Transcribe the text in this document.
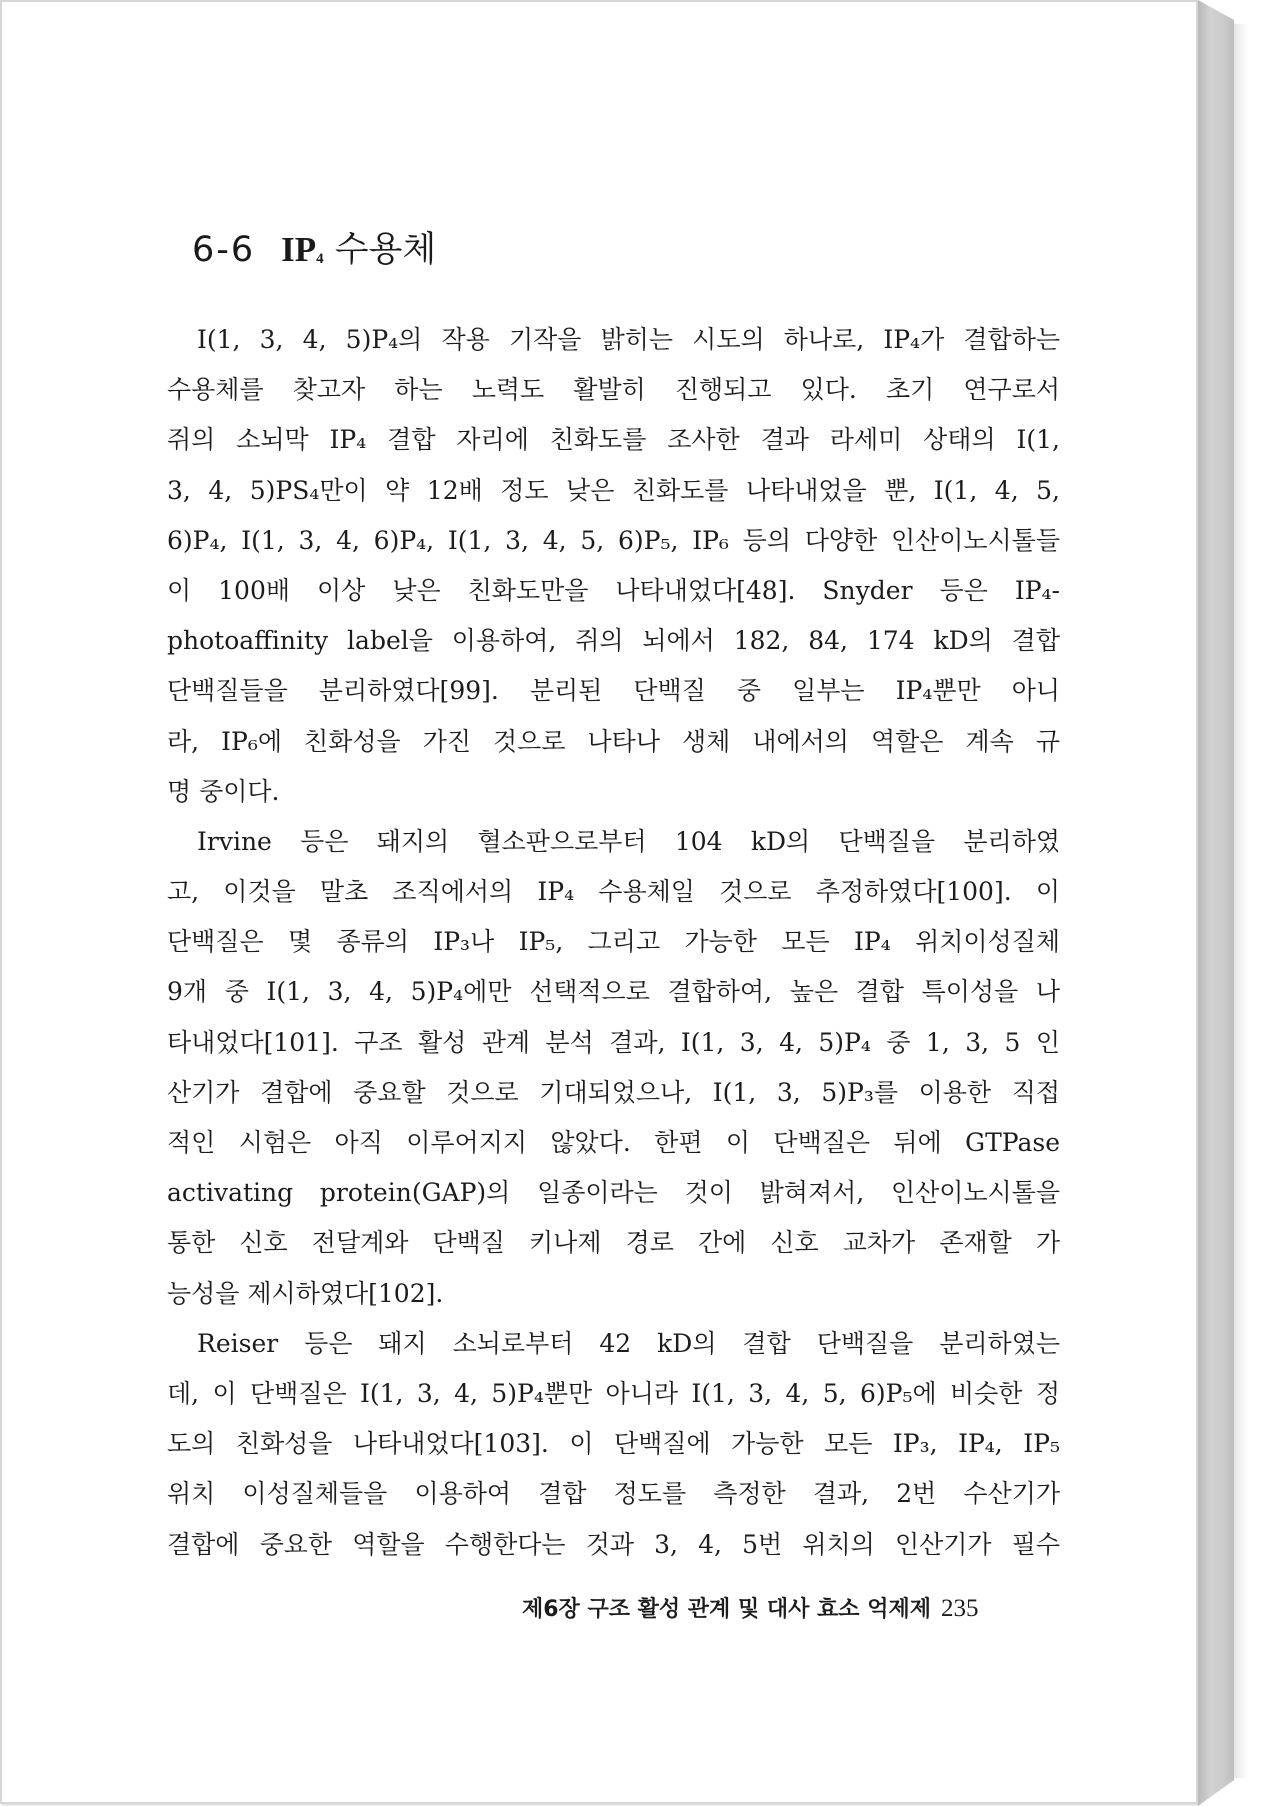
6-6 IP4 수용체
I(1, 3, 4, 5)P₄의 작용 기작을 밝히는 시도의 하나로, IP₄가 결합하는
수용체를 찾고자 하는 노력도 활발히 진행되고 있다. 초기 연구로서
쥐의 소뇌막 IP₄ 결합 자리에 친화도를 조사한 결과 라세미 상태의 I(1,
3, 4, 5)PS₄만이 약 12배 정도 낮은 친화도를 나타내었을 뿐, I(1, 4, 5,
6)P₄, I(1, 3, 4, 6)P₄, I(1, 3, 4, 5, 6)P₅, IP₆ 등의 다양한 인산이노시톨들
이 100배 이상 낮은 친화도만을 나타내었다[48]. Snyder 등은 IP₄-
photoaffinity label을 이용하여, 쥐의 뇌에서 182, 84, 174 kD의 결합
단백질들을 분리하였다[99]. 분리된 단백질 중 일부는 IP₄뿐만 아니
라, IP₆에 친화성을 가진 것으로 나타나 생체 내에서의 역할은 계속 규
명 중이다.
Irvine 등은 돼지의 혈소판으로부터 104 kD의 단백질을 분리하였
고, 이것을 말초 조직에서의 IP₄ 수용체일 것으로 추정하였다[100]. 이
단백질은 몇 종류의 IP₃나 IP₅, 그리고 가능한 모든 IP₄ 위치이성질체
9개 중 I(1, 3, 4, 5)P₄에만 선택적으로 결합하여, 높은 결합 특이성을 나
타내었다[101]. 구조 활성 관계 분석 결과, I(1, 3, 4, 5)P₄ 중 1, 3, 5 인
산기가 결합에 중요할 것으로 기대되었으나, I(1, 3, 5)P₃를 이용한 직접
적인 시험은 아직 이루어지지 않았다. 한편 이 단백질은 뒤에 GTPase
activating protein(GAP)의 일종이라는 것이 밝혀져서, 인산이노시톨을
통한 신호 전달계와 단백질 키나제 경로 간에 신호 교차가 존재할 가
능성을 제시하였다[102].
Reiser 등은 돼지 소뇌로부터 42 kD의 결합 단백질을 분리하였는
데, 이 단백질은 I(1, 3, 4, 5)P₄뿐만 아니라 I(1, 3, 4, 5, 6)P₅에 비슷한 정
도의 친화성을 나타내었다[103]. 이 단백질에 가능한 모든 IP₃, IP₄, IP₅
위치 이성질체들을 이용하여 결합 정도를 측정한 결과, 2번 수산기가
결합에 중요한 역할을 수행한다는 것과 3, 4, 5번 위치의 인산기가 필수
제6장 구조 활성 관계 및 대사 효소 억제제 235
